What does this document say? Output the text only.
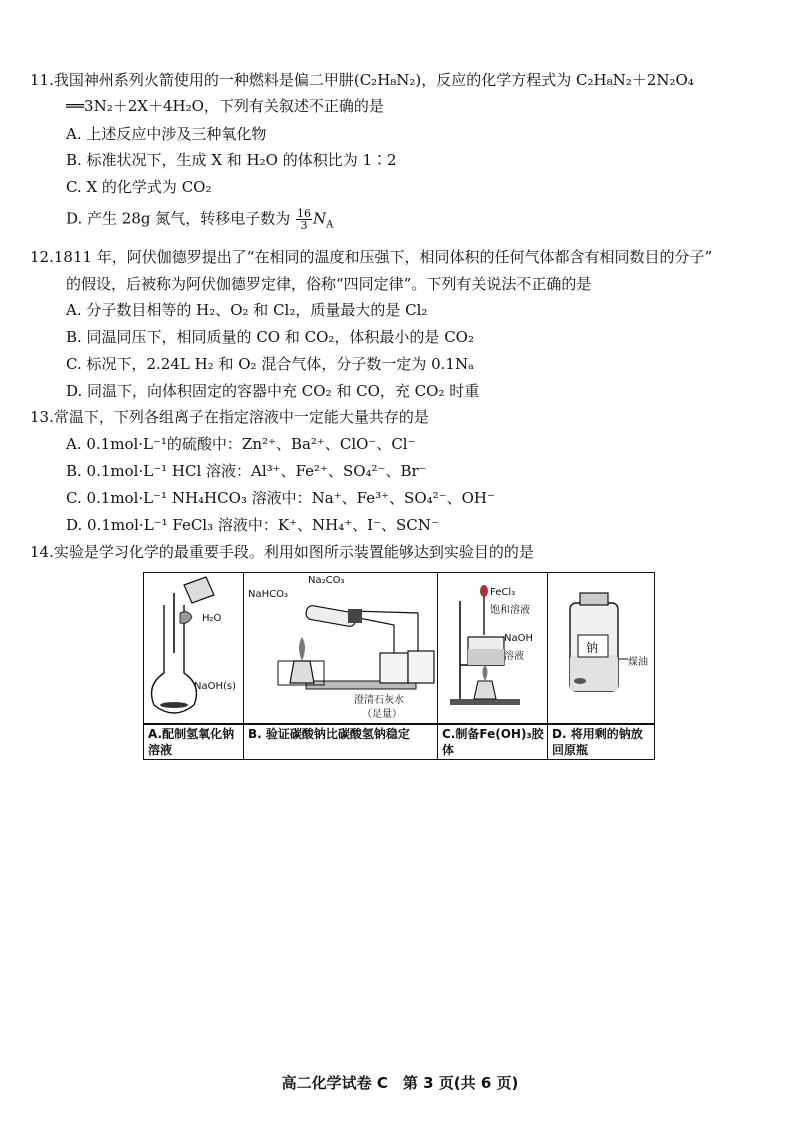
11.我国神州系列火箭使用的一种燃料是偏二甲肼(C₂H₈N₂)，反应的化学方程式为 C₂H₈N₂＋2N₂O₄
══3N₂＋2X＋4H₂O，下列有关叙述不正确的是
A. 上述反应中涉及三种氧化物
B. 标准状况下，生成 X 和 H₂O 的体积比为 1∶2
C. X 的化学式为 CO₂
D. 产生 28g 氮气，转移电子数为 $\frac{16}{3} N_A$
12.1811 年，阿伏伽德罗提出了“在相同的温度和压强下，相同体积的任何气体都含有相同数目的分子”
的假设，后被称为阿伏伽德罗定律，俗称“四同定律”。下列有关说法不正确的是
A. 分子数目相等的 H₂、O₂ 和 Cl₂，质量最大的是 Cl₂
B. 同温同压下，相同质量的 CO 和 CO₂，体积最小的是 CO₂
C. 标况下，2.24L H₂ 和 O₂ 混合气体，分子数一定为 0.1Nₐ
D. 同温下，向体积固定的容器中充 CO₂ 和 CO，充 CO₂ 时重
13.常温下，下列各组离子在指定溶液中一定能大量共存的是
A. 0.1mol·L⁻¹的硫酸中：Zn²⁺、Ba²⁺、ClO⁻、Cl⁻
B. 0.1mol·L⁻¹ HCl 溶液：Al³⁺、Fe²⁺、SO₄²⁻、Br⁻
C. 0.1mol·L⁻¹ NH₄HCO₃ 溶液中：Na⁺、Fe³⁺、SO₄²⁻、OH⁻
D. 0.1mol·L⁻¹ FeCl₃ 溶液中：K⁺、NH₄⁺、I⁻、SCN⁻
14.实验是学习化学的最重要手段。利用如图所示装置能够达到实验目的的是
H₂O
NaOH(s)
A.配制氢氧化钠溶液
NaHCO₃
Na₂CO₃
澄清石灰水
（足量）
B. 验证碳酸钠比碳酸氢钠稳定
FeCl₃
饱和溶液
NaOH
溶液
C.制备Fe(OH)₃胶体
钠
煤油
D. 将用剩的钠放回原瓶
高二化学试卷 C　第 3 页(共 6 页)
